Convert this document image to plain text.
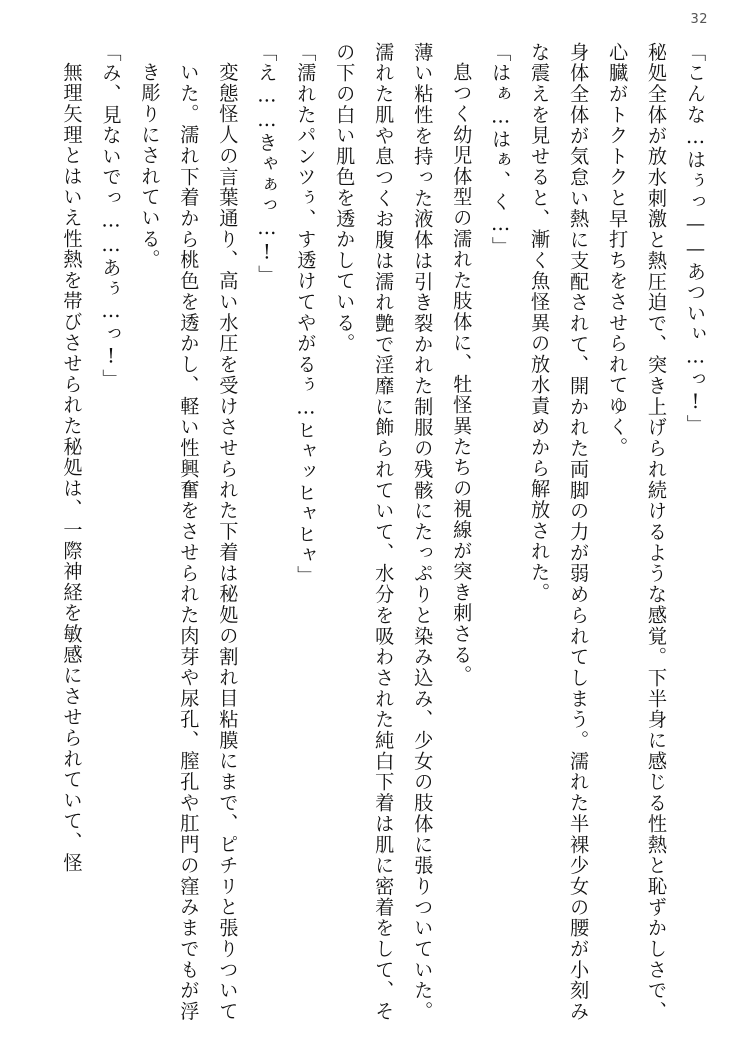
32

「こんな…はぅっ——あついぃ…っ!」

秘処全体が放水刺激と熱圧迫で、突き上げられ続けるような感覚。下半身に感じる性熱と恥ずかしさで、心臓がトクトクと早打ちをさせられてゆく。

身体全体が気怠い熱に支配されて、開かれた両脚の力が弱められてしまう。濡れた半裸少女の腰が小刻みな震えを見せると、漸く魚怪異の放水責めから解放された。

「はぁ…はぁ、く…」

息つく幼児体型の濡れた肢体に、牡怪異たちの視線が突き刺さる。

薄い粘性を持った液体は引き裂かれた制服の残骸にたっぷりと染み込み、少女の肢体に張りついていた。濡れた肌や息つくお腹は濡れ艶で淫靡に飾られていて、水分を吸わされた純白下着は肌に密着をして、その下の白い肌色を透かしている。

「濡れたパンツぅ、す透けてやがるぅ…ヒャッヒャヒャ」

「え……きゃぁっ…!」

変態怪人の言葉通り、高い水圧を受けさせられた下着は秘処の割れ目粘膜にまで、ピチリと張りついていた。濡れ下着から桃色を透かし、軽い性興奮をさせられた肉芽や尿孔、膣孔や肛門の窪みまでもが浮き彫りにされている。

「み、見ないでっ……あぅ…っ!」

無理矢理とはいえ性熱を帯びさせられた秘処は、一際神経を敏感にさせられていて、怪
